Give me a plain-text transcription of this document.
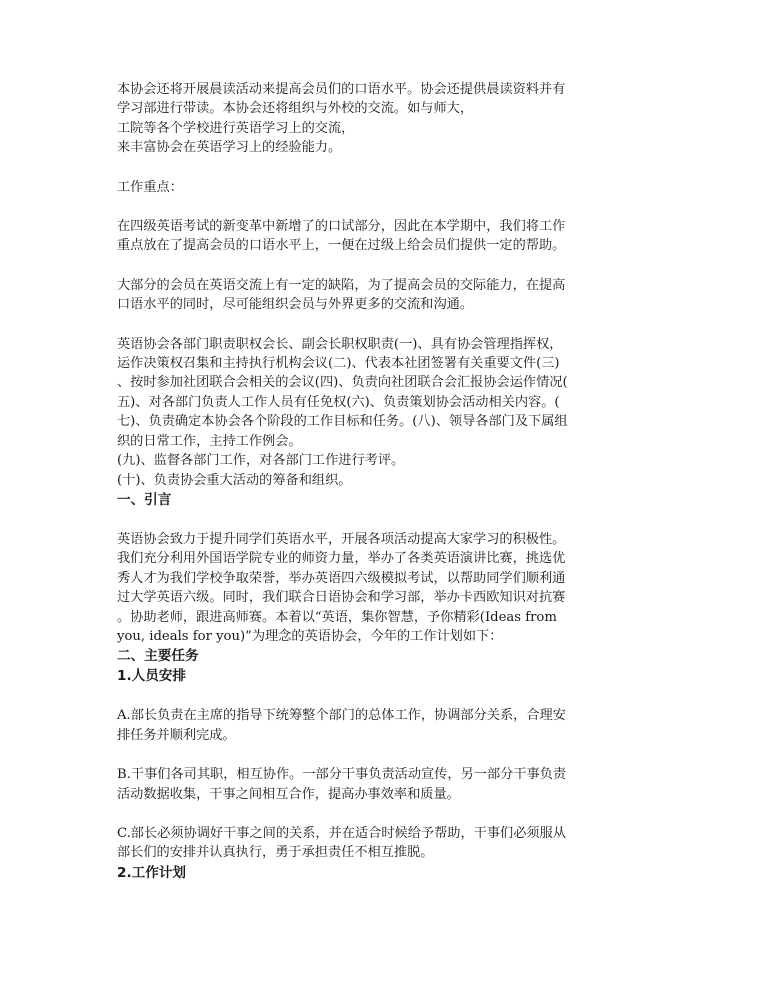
本协会还将开展晨读活动来提高会员们的口语水平。协会还提供晨读资料并有
学习部进行带读。本协会还将组织与外校的交流。如与师大，
工院等各个学校进行英语学习上的交流，
来丰富协会在英语学习上的经验能力。
工作重点：
在四级英语考试的新变革中新增了的口试部分，因此在本学期中，我们将工作
重点放在了提高会员的口语水平上，一便在过级上给会员们提供一定的帮助。
大部分的会员在英语交流上有一定的缺陷，为了提高会员的交际能力，在提高
口语水平的同时，尽可能组织会员与外界更多的交流和沟通。
英语协会各部门职责职权会长、副会长职权职责(一)、具有协会管理指挥权，
运作决策权召集和主持执行机构会议(二)、代表本社团签署有关重要文件(三)
、按时参加社团联合会相关的会议(四)、负责向社团联合会汇报协会运作情况(
五)、对各部门负责人工作人员有任免权(六)、负责策划协会活动相关内容。(
七)、负责确定本协会各个阶段的工作目标和任务。(八)、领导各部门及下属组
织的日常工作，主持工作例会。
(九)、监督各部门工作，对各部门工作进行考评。
(十)、负责协会重大活动的筹备和组织。
一、引言
英语协会致力于提升同学们英语水平，开展各项活动提高大家学习的积极性。
我们充分利用外国语学院专业的师资力量，举办了各类英语演讲比赛，挑选优
秀人才为我们学校争取荣誉，举办英语四六级模拟考试，以帮助同学们顺利通
过大学英语六级。同时，我们联合日语协会和学习部，举办卡西欧知识对抗赛
。协助老师，跟进高师赛。本着以“英语，集你智慧，予你精彩(Ideas from
you, ideals for you)”为理念的英语协会，今年的工作计划如下：
二、主要任务
1.人员安排
A.部长负责在主席的指导下统筹整个部门的总体工作，协调部分关系，合理安
排任务并顺利完成。
B.干事们各司其职，相互协作。一部分干事负责活动宣传，另一部分干事负责
活动数据收集，干事之间相互合作，提高办事效率和质量。
C.部长必须协调好干事之间的关系，并在适合时候给予帮助，干事们必须服从
部长们的安排并认真执行，勇于承担责任不相互推脱。
2.工作计划
